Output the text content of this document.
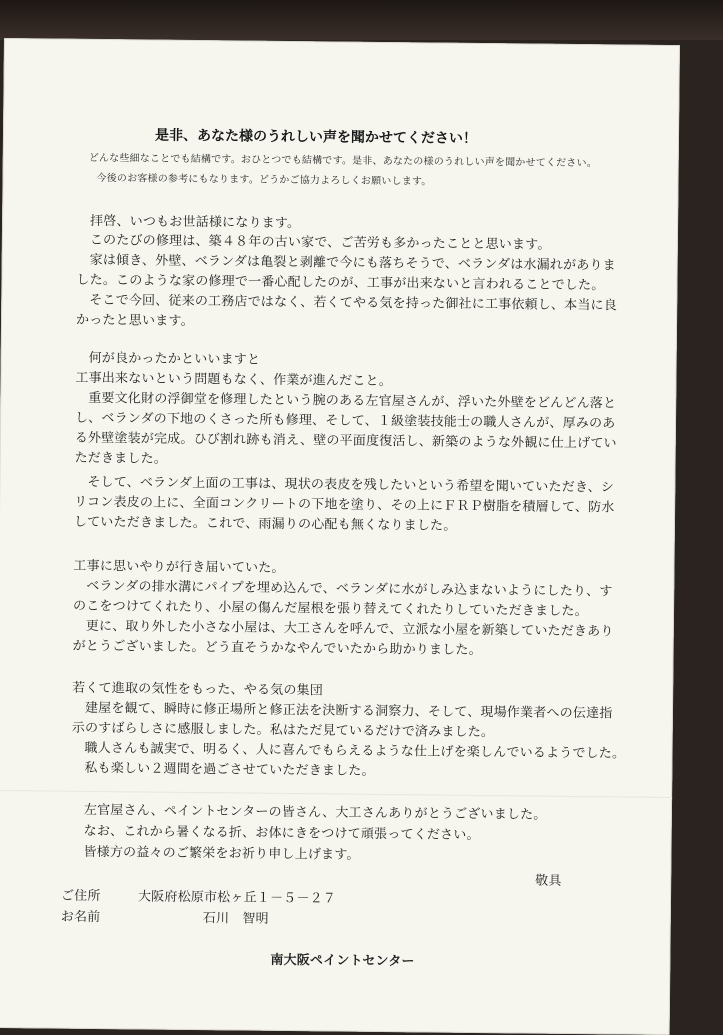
是非、あなた様のうれしい声を聞かせてください！
どんな些細なことでも結構です。おひとつでも結構です。是非、あなたの様のうれしい声を聞かせてください。
今後のお客様の参考にもなります。どうかご協力よろしくお願いします。
拝啓、いつもお世話様になります。
このたびの修理は、築４８年の古い家で、ご苦労も多かったことと思います。
家は傾き、外壁、ベランダは亀裂と剥離で今にも落ちそうで、ベランダは水漏れがありま
した。このような家の修理で一番心配したのが、工事が出来ないと言われることでした。
そこで今回、従来の工務店ではなく、若くてやる気を持った御社に工事依頼し、本当に良
かったと思います。
何が良かったかといいますと
工事出来ないという問題もなく、作業が進んだこと。
重要文化財の浮御堂を修理したという腕のある左官屋さんが、浮いた外壁をどんどん落と
し、ベランダの下地のくさった所も修理、そして、１級塗装技能士の職人さんが、厚みのあ
る外壁塗装が完成。ひび割れ跡も消え、壁の平面度復活し、新築のような外観に仕上げてい
ただきました。
そして、ベランダ上面の工事は、現状の表皮を残したいという希望を聞いていただき、シ
リコン表皮の上に、全面コンクリートの下地を塗り、その上にＦＲＰ樹脂を積層して、防水
していただきました。これで、雨漏りの心配も無くなりました。
工事に思いやりが行き届いていた。
ベランダの排水溝にパイプを埋め込んで、ベランダに水がしみ込まないようにしたり、す
のこをつけてくれたり、小屋の傷んだ屋根を張り替えてくれたりしていただきました。
更に、取り外した小さな小屋は、大工さんを呼んで、立派な小屋を新築していただきあり
がとうございました。どう直そうかなやんでいたから助かりました。
若くて進取の気性をもった、やる気の集団
建屋を観て、瞬時に修正場所と修正法を決断する洞察力、そして、現場作業者への伝達指
示のすばらしさに感服しました。私はただ見ているだけで済みました。
職人さんも誠実で、明るく、人に喜んでもらえるような仕上げを楽しんでいるようでした。
私も楽しい２週間を過ごさせていただきました。
左官屋さん、ペイントセンターの皆さん、大工さんありがとうございました。
なお、これから暑くなる折、お体にきをつけて頑張ってください。
皆様方の益々のご繁栄をお祈り申し上げます。
敬具
ご住所	大阪府松原市松ヶ丘１－５－２７
お名前	石川　智明
南大阪ペイントセンター
